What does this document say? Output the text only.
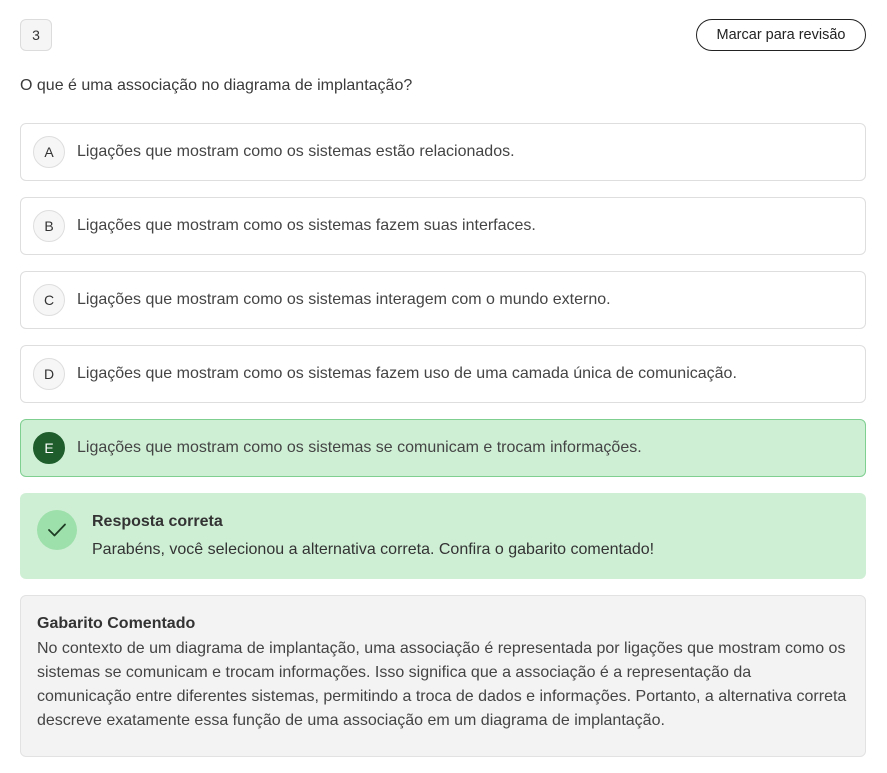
3	Marcar para revisão
O que é uma associação no diagrama de implantação?
A	Ligações que mostram como os sistemas estão relacionados.
B	Ligações que mostram como os sistemas fazem suas interfaces.
C	Ligações que mostram como os sistemas interagem com o mundo externo.
D	Ligações que mostram como os sistemas fazem uso de uma camada única de comunicação.
E	Ligações que mostram como os sistemas se comunicam e trocam informações.
Resposta correta
Parabéns, você selecionou a alternativa correta. Confira o gabarito comentado!
Gabarito Comentado
No contexto de um diagrama de implantação, uma associação é representada por ligações que mostram como os sistemas se comunicam e trocam informações. Isso significa que a associação é a representação da comunicação entre diferentes sistemas, permitindo a troca de dados e informações. Portanto, a alternativa correta descreve exatamente essa função de uma associação em um diagrama de implantação.
